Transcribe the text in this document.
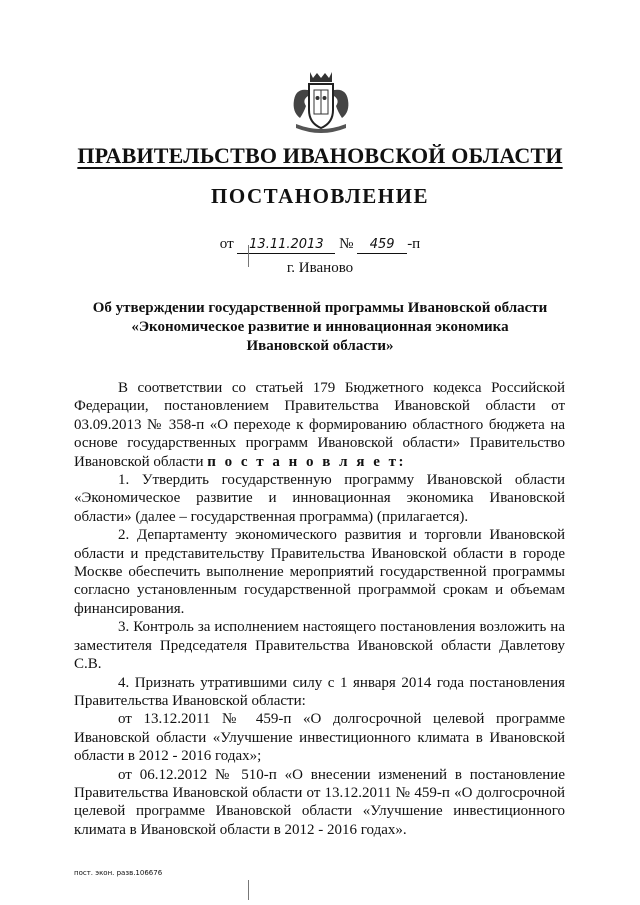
ПРАВИТЕЛЬСТВО ИВАНОВСКОЙ ОБЛАСТИ
ПОСТАНОВЛЕНИЕ
от 13.11.2013 № 459 -п
г. Иваново
Об утверждении государственной программы Ивановской области
«Экономическое развитие и инновационная экономика
Ивановской области»

В соответствии со статьей 179 Бюджетного кодекса Российской Федерации, постановлением Правительства Ивановской области от 03.09.2013 № 358-п «О переходе к формированию областного бюджета на основе государственных программ Ивановской области» Правительство Ивановской области п о с т а н о в л я е т:

1. Утвердить государственную программу Ивановской области «Экономическое развитие и инновационная экономика Ивановской области» (далее – государственная программа) (прилагается).

2. Департаменту экономического развития и торговли Ивановской области и представительству Правительства Ивановской области в городе Москве обеспечить выполнение мероприятий государственной программы согласно установленным государственной программой срокам и объемам финансирования.

3. Контроль за исполнением настоящего постановления возложить на заместителя Председателя Правительства Ивановской области Давлетову С.В.

4. Признать утратившими силу с 1 января 2014 года постановления Правительства Ивановской области:

от 13.12.2011 № 459-п «О долгосрочной целевой программе Ивановской области «Улучшение инвестиционного климата в Ивановской области в 2012 - 2016 годах»;

от 06.12.2012 № 510-п «О внесении изменений в постановление Правительства Ивановской области от 13.12.2011 № 459-п «О долгосрочной целевой программе Ивановской области «Улучшение инвестиционного климата в Ивановской области в 2012 - 2016 годах».

пост. экон. разв.106676
